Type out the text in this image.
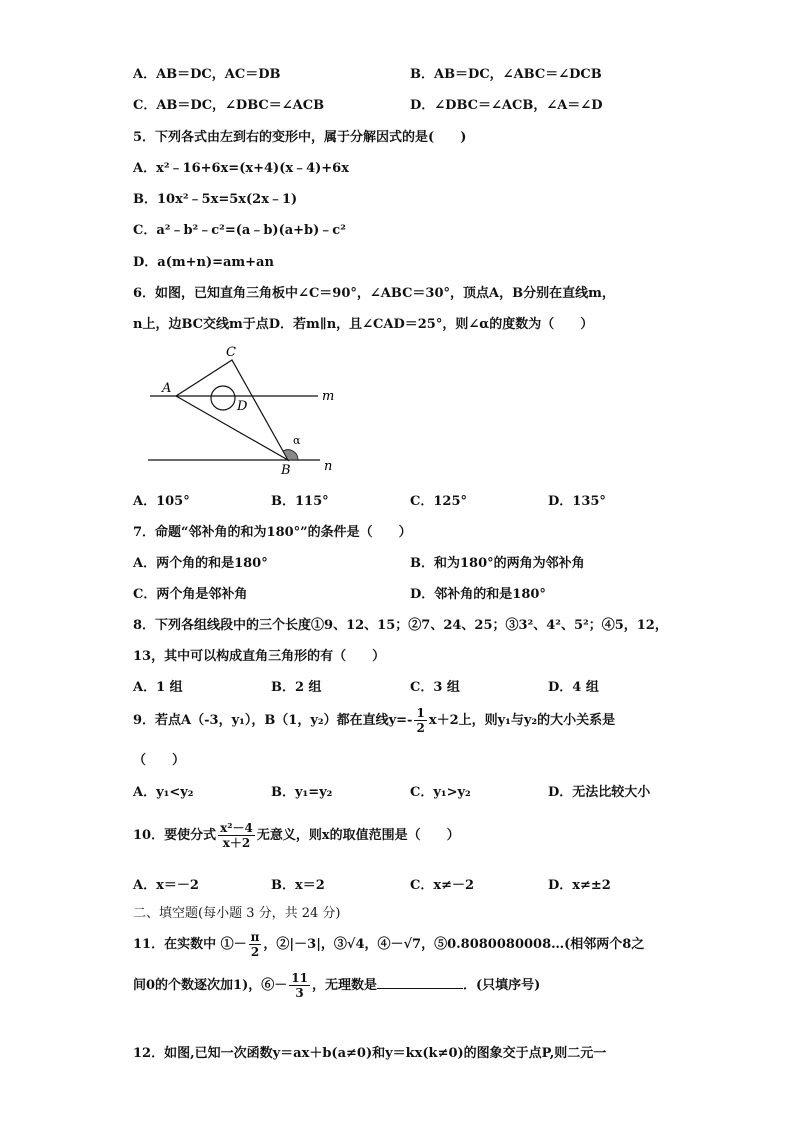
A．AB＝DC，AC＝DB	B．AB＝DC，∠ABC＝∠DCB
C．AB＝DC，∠DBC＝∠ACB	D．∠DBC＝∠ACB，∠A＝∠D
5．下列各式由左到右的变形中，属于分解因式的是(　　)
A．x²﹣16+6x=(x+4)(x﹣4)+6x
B．10x²﹣5x=5x(2x﹣1)
C．a²﹣b²﹣c²=(a﹣b)(a+b)﹣c²
D．a(m+n)=am+an
6．如图，已知直角三角板中∠C＝90°，∠ABC＝30°，顶点A，B分别在直线m，
n上，边BC交线m于点D．若m∥n，且∠CAD＝25°，则∠α的度数为（　　）
A
C
D
B
m
n
α
A．105°	B．115°	C．125°	D．135°
7．命题“邻补角的和为180°”的条件是（　　）
A．两个角的和是180°	B．和为180°的两角为邻补角
C．两个角是邻补角	D．邻补角的和是180°
8．下列各组线段中的三个长度①9、12、15；②7、24、25；③3²、4²、5²；④5，12，
13，其中可以构成直角三角形的有（　　）
A．1 组	B．2 组	C．3 组	D．4 组
9．若点A（-3，y₁），B（1，y₂）都在直线$y=- \frac{1}{2} x+2$上，则y₁与y₂的大小关系是
（　　）
A．y₁<y₂	B．y₁=y₂	C．y₁>y₂	D．无法比较大小
10．要使分式 $\frac{\text{x²－4}}{x+2}$ 无意义，则x的取值范围是（　　）
A．x＝－2	B．x＝2	C．x≠－2	D．x≠±2
二、填空题(每小题 3 分，共 24 分)
11．在实数中 ①－ $\frac{\pi}{2}$ ，②|－3|，③√4，④－√7，⑤0.8080080008…(相邻两个8之
间0的个数逐次加1)，⑥－ $\frac{11}{3}$ ，无理数是	．(只填序号)
12．如图,已知一次函数y＝ax＋b(a≠0)和y＝kx(k≠0)的图象交于点P,则二元一
